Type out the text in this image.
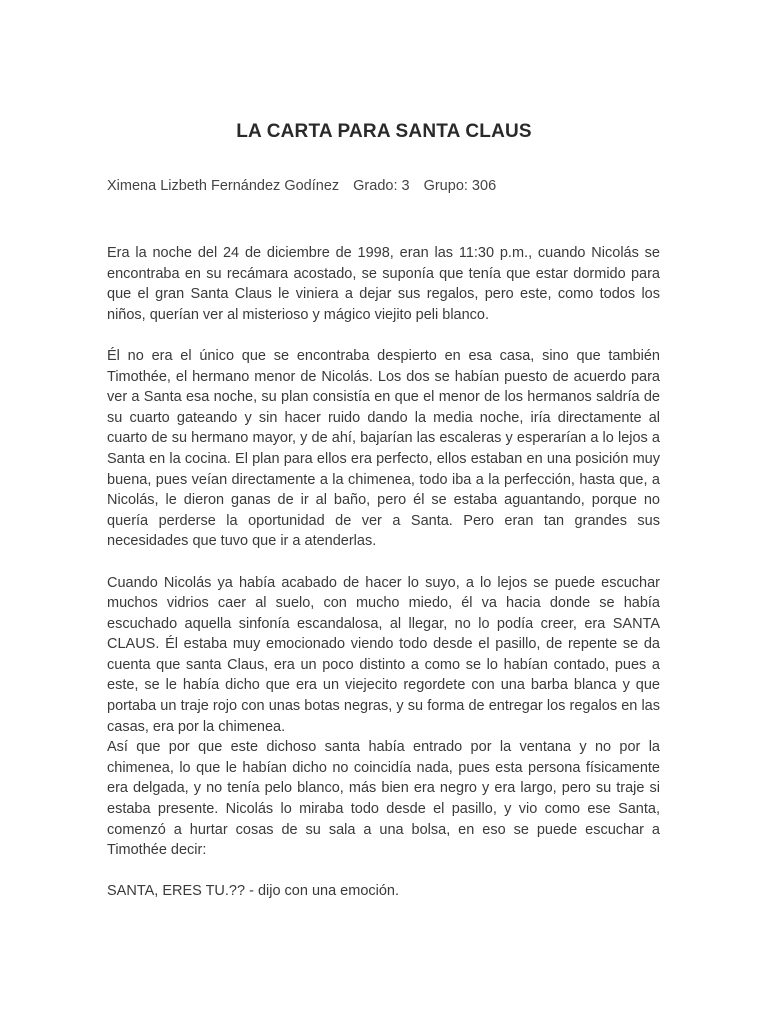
LA CARTA PARA SANTA CLAUS
Ximena Lizbeth Fernández Godínez Grado: 3 Grupo: 306

Era la noche del 24 de diciembre de 1998, eran las 11:30 p.m., cuando Nicolás se encontraba en su recámara acostado, se suponía que tenía que estar dormido para que el gran Santa Claus le viniera a dejar sus regalos, pero este, como todos los niños, querían ver al misterioso y mágico viejito peli blanco.

Él no era el único que se encontraba despierto en esa casa, sino que también Timothée, el hermano menor de Nicolás. Los dos se habían puesto de acuerdo para ver a Santa esa noche, su plan consistía en que el menor de los hermanos saldría de su cuarto gateando y sin hacer ruido dando la media noche, iría directamente al cuarto de su hermano mayor, y de ahí, bajarían las escaleras y esperarían a lo lejos a Santa en la cocina. El plan para ellos era perfecto, ellos estaban en una posición muy buena, pues veían directamente a la chimenea, todo iba a la perfección, hasta que, a Nicolás, le dieron ganas de ir al baño, pero él se estaba aguantando, porque no quería perderse la oportunidad de ver a Santa. Pero eran tan grandes sus necesidades que tuvo que ir a atenderlas.

Cuando Nicolás ya había acabado de hacer lo suyo, a lo lejos se puede escuchar muchos vidrios caer al suelo, con mucho miedo, él va hacia donde se había escuchado aquella sinfonía escandalosa, al llegar, no lo podía creer, era SANTA CLAUS. Él estaba muy emocionado viendo todo desde el pasillo, de repente se da cuenta que santa Claus, era un poco distinto a como se lo habían contado, pues a este, se le había dicho que era un viejecito regordete con una barba blanca y que portaba un traje rojo con unas botas negras, y su forma de entregar los regalos en las casas, era por la chimenea.

Así que por que este dichoso santa había entrado por la ventana y no por la chimenea, lo que le habían dicho no coincidía nada, pues esta persona físicamente era delgada, y no tenía pelo blanco, más bien era negro y era largo, pero su traje si estaba presente. Nicolás lo miraba todo desde el pasillo, y vio como ese Santa, comenzó a hurtar cosas de su sala a una bolsa, en eso se puede escuchar a Timothée decir:

SANTA, ERES TU.?? - dijo con una emoción.
